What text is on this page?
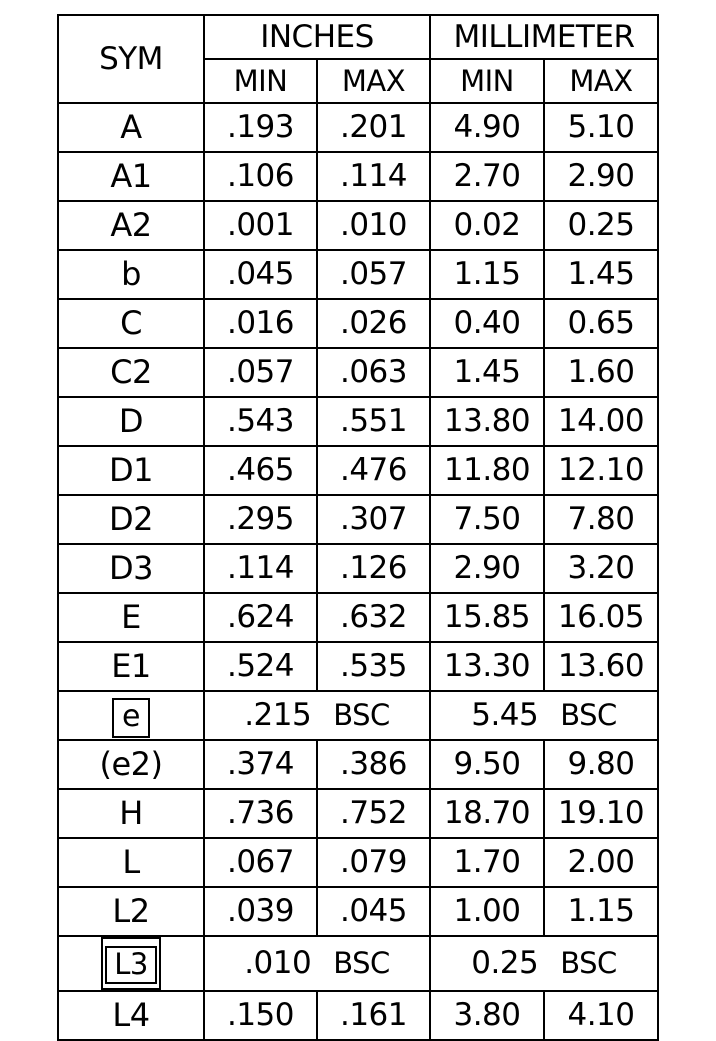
SYM	INCHES		MILLIMETER	
	MIN	MAX	MIN	MAX
A	.193	.201	4.90	5.10
A1	.106	.114	2.70	2.90
A2	.001	.010	0.02	0.25
b	.045	.057	1.15	1.45
C	.016	.026	0.40	0.65
C2	.057	.063	1.45	1.60
D	.543	.551	13.80	14.00
D1	.465	.476	11.80	12.10
D2	.295	.307	7.50	7.80
D3	.114	.126	2.90	3.20
E	.624	.632	15.85	16.05
E1	.524	.535	13.30	13.60
e	.215 BSC		5.45 BSC	

(e2)	.374	.386	9.50	9.80
H	.736	.752	18.70	19.10
L	.067	.079	1.70	2.00
L2	.039	.045	1.00	1.15
L3	.010 BSC		0.25 BSC	

L4	.150	.161	3.80	4.10
